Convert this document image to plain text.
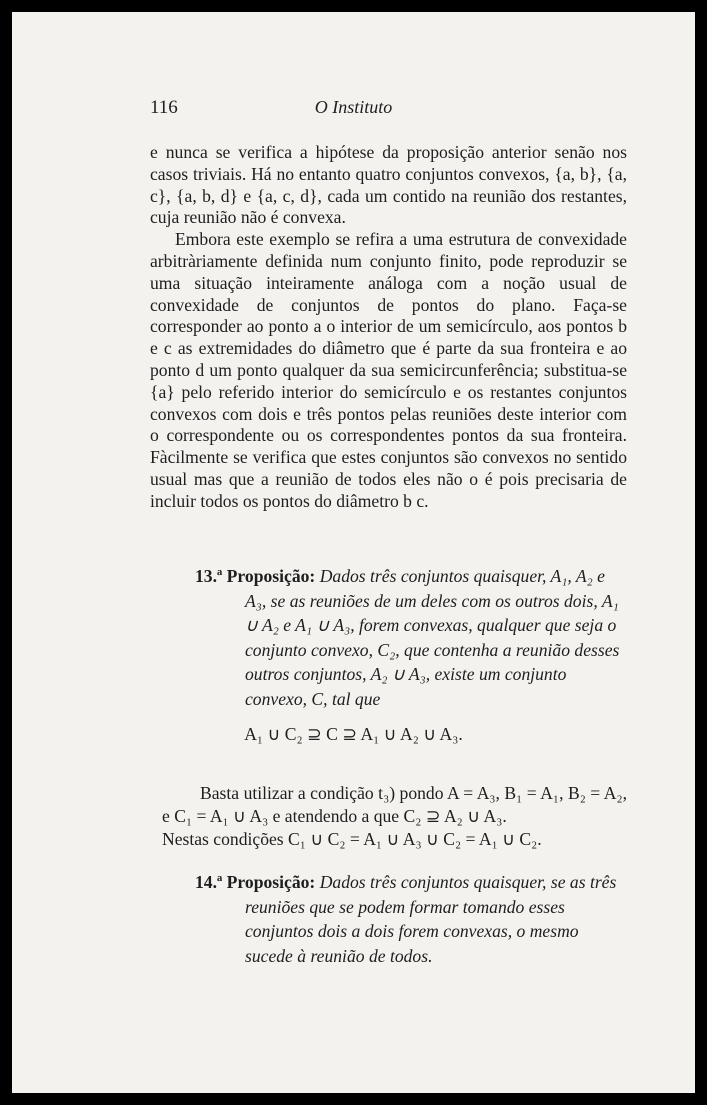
116	O Instituto

e nunca se verifica a hipótese da proposição anterior senão nos casos triviais. Há no entanto quatro conjuntos convexos, {a, b}, {a, c}, {a, b, d} e {a, c, d}, cada um contido na reunião dos restantes, cuja reunião não é convexa.

Embora este exemplo se refira a uma estrutura de convexidade arbitràriamente definida num conjunto finito, pode reproduzir se uma situação inteiramente análoga com a noção usual de convexidade de conjuntos de pontos do plano. Faça-se corresponder ao ponto a o interior de um semicírculo, aos pontos b e c as extremidades do diâmetro que é parte da sua fronteira e ao ponto d um ponto qualquer da sua semicircunferência; substitua-se {a} pelo referido interior do semicírculo e os restantes conjuntos convexos com dois e três pontos pelas reuniões deste interior com o correspondente ou os correspondentes pontos da sua fronteira. Fàcilmente se verifica que estes conjuntos são convexos no sentido usual mas que a reunião de todos eles não o é pois precisaria de incluir todos os pontos do diâmetro b c.

13.ª Proposição: Dados três conjuntos quaisquer, A₁, A₂ e A₃, se as reuniões de um deles com os outros dois, A₁ ∪ A₂ e A₁ ∪ A₃, forem convexas, qualquer que seja o conjunto convexo, C₂, que contenha a reunião desses outros conjuntos, A₂ ∪ A₃, existe um conjunto convexo, C, tal que
A₁ ∪ C₂ ⊇ C ⊇ A₁ ∪ A₂ ∪ A₃.

Basta utilizar a condição t₃) pondo A = A₃, B₁ = A₁, B₂ = A₂, e C₁ = A₁ ∪ A₃ e atendendo a que C₂ ⊇ A₂ ∪ A₃.

Nestas condições C₁ ∪ C₂ = A₁ ∪ A₃ ∪ C₂ = A₁ ∪ C₂.

14.ª Proposição: Dados três conjuntos quaisquer, se as três reuniões que se podem formar tomando esses conjuntos dois a dois forem convexas, o mesmo sucede à reunião de todos.
